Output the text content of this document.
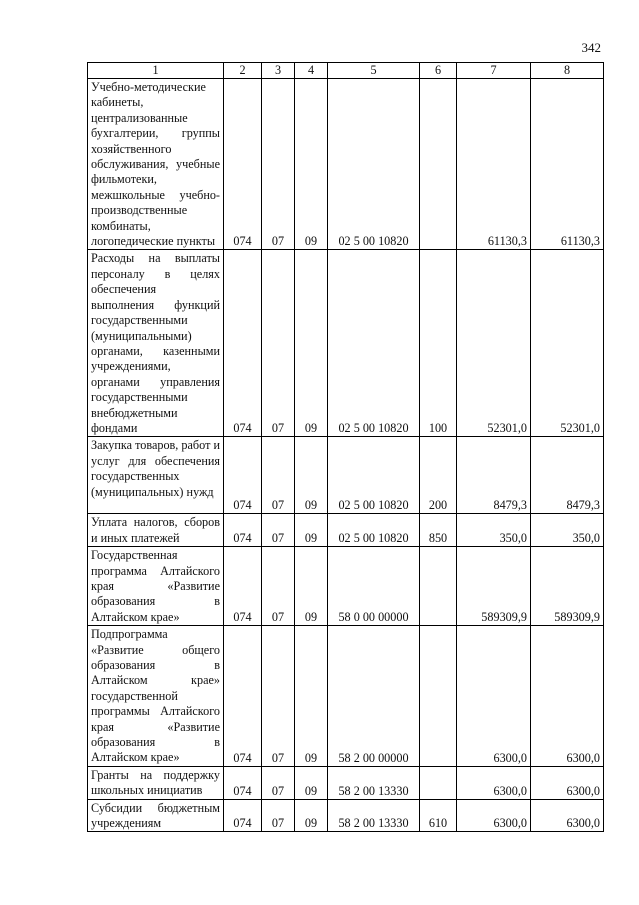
342
1	2	3	4	5	6	7	8
Учебно-методические кабинеты, централизованные бухгалтерии, группы хозяйственного обслуживания, учебные фильмотеки, межшкольные учебно-производственные комбинаты, логопедические пункты	074	07	09	02 5 00 10820		61130,3	61130,3
Расходы на выплаты персоналу в целях обеспечения выполнения функций государственными (муниципальными) органами, казенными учреждениями, органами управления государственными внебюджетными фондами	074	07	09	02 5 00 10820	100	52301,0	52301,0
Закупка товаров, работ и услуг для обеспечения государственных (муниципальных) нужд	074	07	09	02 5 00 10820	200	8479,3	8479,3
Уплата налогов, сборов и иных платежей	074	07	09	02 5 00 10820	850	350,0	350,0
Государственная программа Алтайского края «Развитие образования в Алтайском крае»	074	07	09	58 0 00 00000		589309,9	589309,9
Подпрограмма «Развитие общего образования в Алтайском крае» государственной программы Алтайского края «Развитие образования в Алтайском крае»	074	07	09	58 2 00 00000		6300,0	6300,0
Гранты на поддержку школьных инициатив	074	07	09	58 2 00 13330		6300,0	6300,0
Субсидии бюджетным учреждениям	074	07	09	58 2 00 13330	610	6300,0	6300,0
